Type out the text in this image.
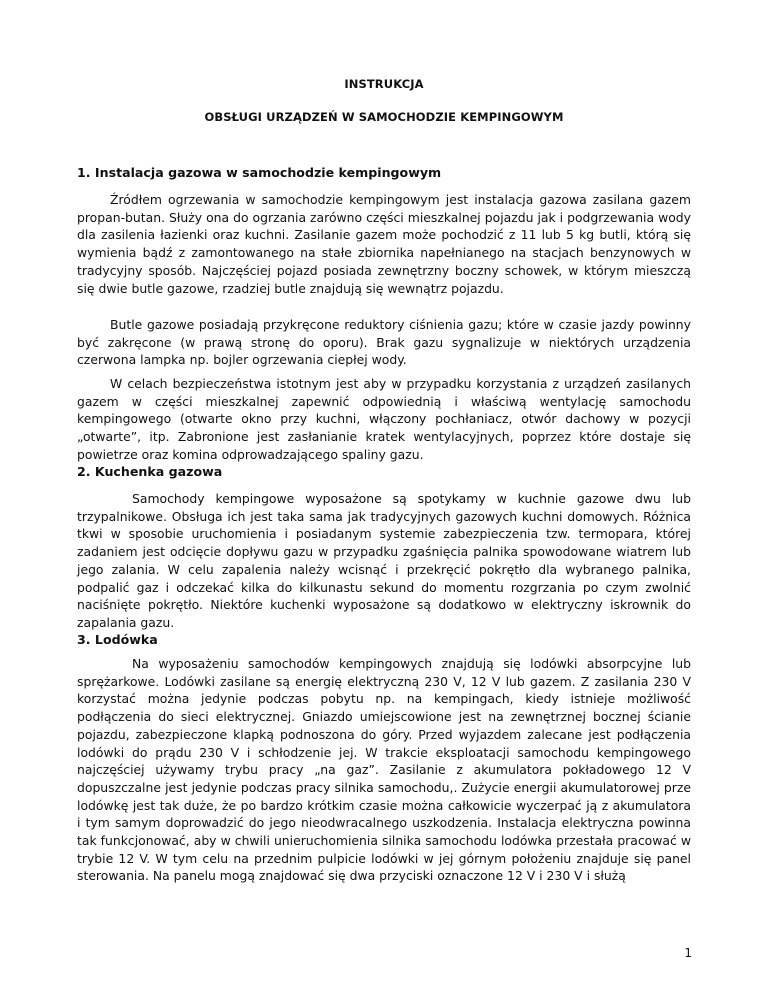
INSTRUKCJA
OBSŁUGI URZĄDZEŃ W SAMOCHODZIE KEMPINGOWYM
1. Instalacja gazowa w samochodzie kempingowym

Źródłem ogrzewania w samochodzie kempingowym jest instalacja gazowa zasilana gazem propan-butan. Służy ona do ogrzania zarówno części mieszkalnej pojazdu jak i podgrzewania wody dla zasilenia łazienki oraz kuchni. Zasilanie gazem może pochodzić z 11 lub 5 kg butli, którą się wymienia bądź z zamontowanego na stałe zbiornika napełnianego na stacjach benzynowych w tradycyjny sposób. Najczęściej pojazd posiada zewnętrzny boczny schowek, w którym mieszczą się dwie butle gazowe, rzadziej butle znajdują się wewnątrz pojazdu.

Butle gazowe posiadają przykręcone reduktory ciśnienia gazu; które w czasie jazdy powinny być zakręcone (w prawą stronę do oporu). Brak gazu sygnalizuje w niektórych urządzenia czerwona lampka np. bojler ogrzewania ciepłej wody.

W celach bezpieczeństwa istotnym jest aby w przypadku korzystania z urządzeń zasilanych gazem w części mieszkalnej zapewnić odpowiednią i właściwą wentylację samochodu kempingowego (otwarte okno przy kuchni, włączony pochłaniacz, otwór dachowy w pozycji „otwarte”, itp. Zabronione jest zasłanianie kratek wentylacyjnych, poprzez które dostaje się powietrze oraz komina odprowadzającego spaliny gazu.

2. Kuchenka gazowa

Samochody kempingowe wyposażone są spotykamy w kuchnie gazowe dwu lub trzypalnikowe. Obsługa ich jest taka sama jak tradycyjnych gazowych kuchni domowych. Różnica tkwi w sposobie uruchomienia i posiadanym systemie zabezpieczenia tzw. termopara, której zadaniem jest odcięcie dopływu gazu w przypadku zgaśnięcia palnika spowodowane wiatrem lub jego zalania. W celu zapalenia należy wcisnąć i przekręcić pokrętło dla wybranego palnika, podpalić gaz i odczekać kilka do kilkunastu sekund do momentu rozgrzania po czym zwolnić naciśnięte pokrętło. Niektóre kuchenki wyposażone są dodatkowo w elektryczny iskrownik do zapalania gazu.

3. Lodówka

Na wyposażeniu samochodów kempingowych znajdują się lodówki absorpcyjne lub sprężarkowe. Lodówki zasilane są energię elektryczną 230 V, 12 V lub gazem. Z zasilania 230 V korzystać można jedynie podczas pobytu np. na kempingach, kiedy istnieje możliwość podłączenia do sieci elektrycznej. Gniazdo umiejscowione jest na zewnętrznej bocznej ścianie pojazdu, zabezpieczone klapką podnoszona do góry. Przed wyjazdem zalecane jest podłączenia lodówki do prądu 230 V i schłodzenie jej. W trakcie eksploatacji samochodu kempingowego najczęściej używamy trybu pracy „na gaz”. Zasilanie z akumulatora pokładowego 12 V dopuszczalne jest jedynie podczas pracy silnika samochodu,. Zużycie energii akumulatorowej prze lodówkę jest tak duże, że po bardzo krótkim czasie można całkowicie wyczerpać ją z akumulatora i tym samym doprowadzić do jego nieodwracalnego uszkodzenia. Instalacja elektryczna powinna tak funkcjonować, aby w chwili unieruchomienia silnika samochodu lodówka przestała pracować w trybie 12 V. W tym celu na przednim pulpicie lodówki w jej górnym położeniu znajduje się panel sterowania. Na panelu mogą znajdować się dwa przyciski oznaczone 12 V i 230 V i służą

1
